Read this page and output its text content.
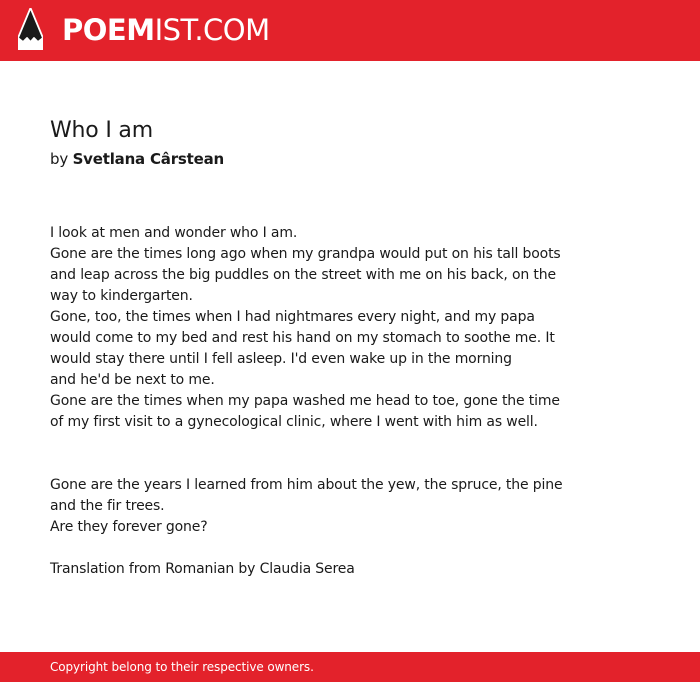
POEMIST.COM
Who I am

by Svetlana Cârstean

I look at men and wonder who I am.
Gone are the times long ago when my grandpa would put on his tall boots
and leap across the big puddles on the street with me on his back, on the
way to kindergarten.
Gone, too, the times when I had nightmares every night, and my papa
would come to my bed and rest his hand on my stomach to soothe me. It
would stay there until I fell asleep. I'd even wake up in the morning
and he'd be next to me.
Gone are the times when my papa washed me head to toe, gone the time
of my first visit to a gynecological clinic, where I went with him as well.
Gone are the years I learned from him about the yew, the spruce, the pine
and the fir trees.
Are they forever gone?
Translation from Romanian by Claudia Serea
Copyright belong to their respective owners.
